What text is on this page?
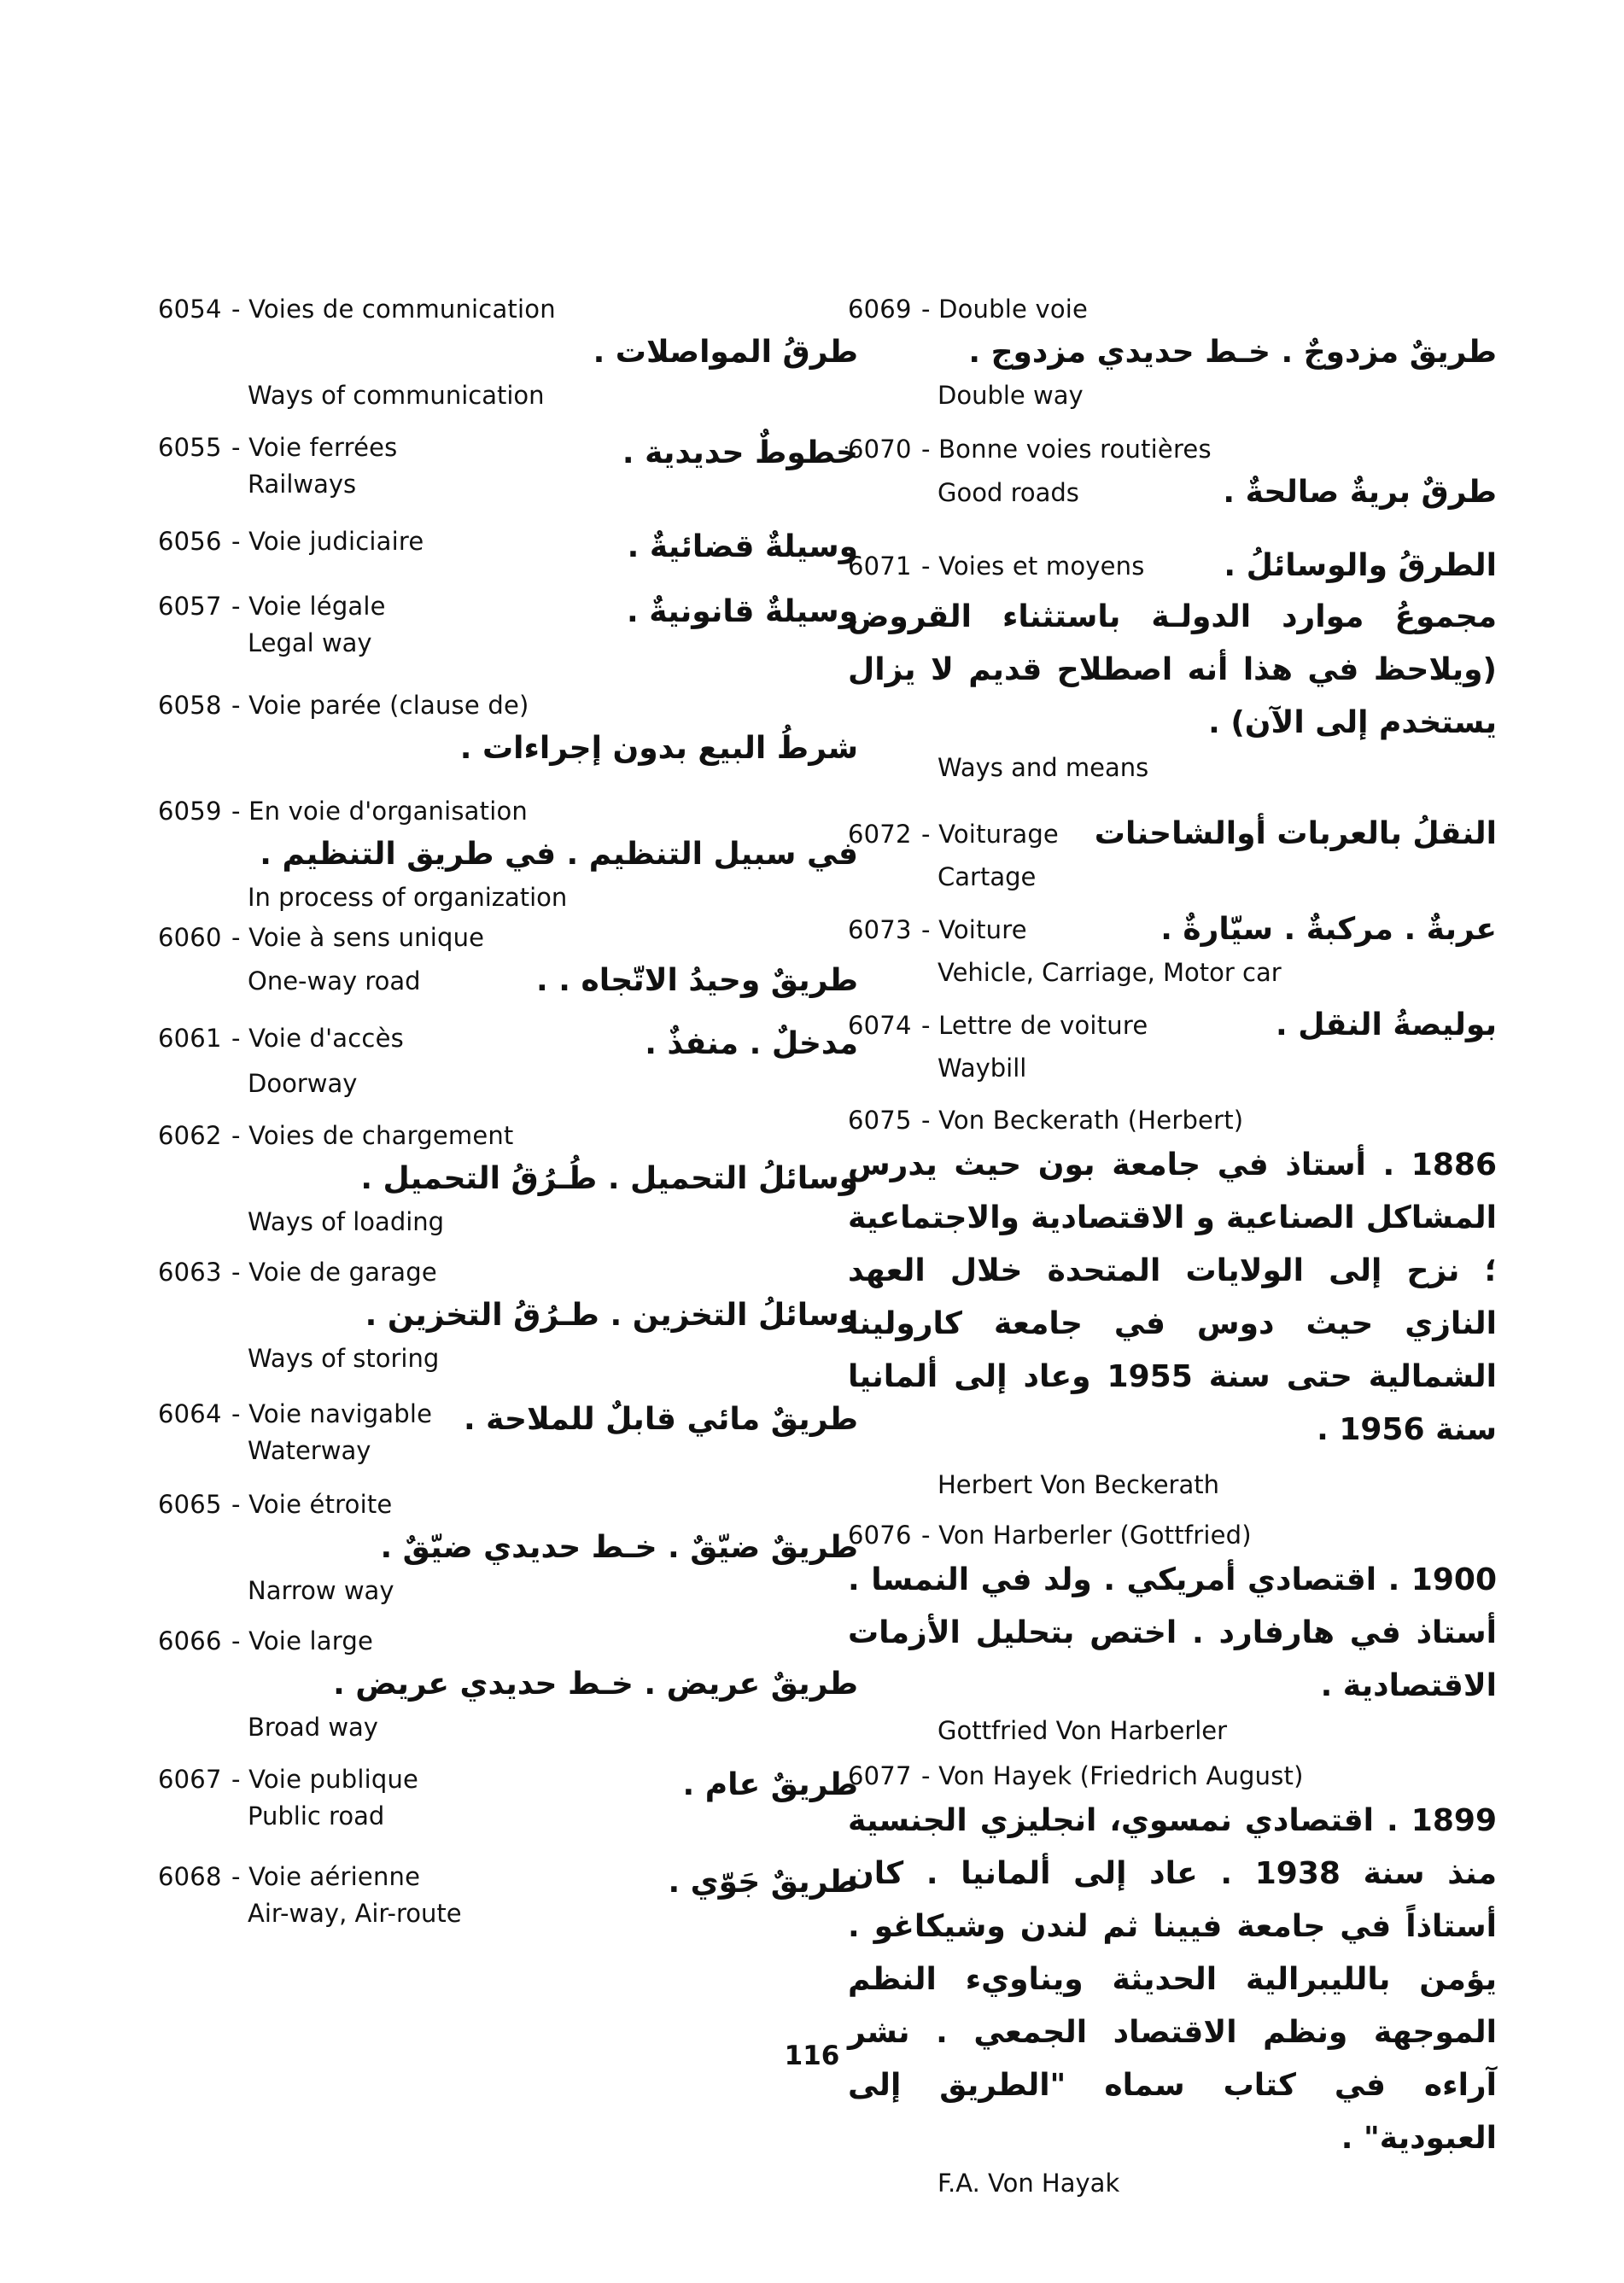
6054 - Voies de communication
طرقُ المواصلات .
Ways of communication
6055 - Voie ferrées	خطوطٌ حديدية .
Railways
6056 - Voie judiciaire	وسيلةٌ قضائيةٌ .
6057 - Voie légale	وسيلةٌ قانونيةٌ .
Legal way
6058 - Voie parée (clause de)
شرطُ البيع بدون إجراءات .
6059 - En voie d'organisation
في سبيل التنظيم . في طريق التنظيم .
In process of organization
6060 - Voie à sens unique
One-way road	طريقٌ وحيدُ الاتّجاه . .
6061 - Voie d'accès	مدخلٌ . منفذٌ .
Doorway
6062 - Voies de chargement
وسائلُ التحميل . طُـرُقُ التحميل .
Ways of loading
6063 - Voie de garage
وسائلُ التخزين . طـرُقُ التخزين .
Ways of storing
6064 - Voie navigable	طريقٌ مائي قابلٌ للملاحة .
Waterway
6065 - Voie étroite
طريقٌ ضيّقٌ . خـط حديدي ضيّقٌ .
Narrow way
6066 - Voie large
طريقٌ عريض . خـط حديدي عريض .
Broad way
6067 - Voie publique	طريقٌ عام .
Public road
6068 - Voie aérienne	طريقٌ جَوّي .
Air-way, Air-route
6069 - Double voie
طريقٌ مزدوجٌ . خـط حديدي مزدوج .
Double way
6070 - Bonne voies routières
Good roads	طرقٌ بريةٌ صالحةٌ .
6071 - Voies et moyens	الطرقُ والوسائلُ .
مجموعُ موارد الدولـة باستثناء القروض (ويلاحظ في هذا أنه اصطلاح قديم لا يزال يستخدم إلى الآن) .
Ways and means
6072 - Voiturage	النقلُ بالعربات أوالشاحنات
Cartage
6073 - Voiture	عربةٌ . مركبةٌ . سيّارةٌ .
Vehicle, Carriage, Motor car
6074 - Lettre de voiture	بوليصةُ النقل .
Waybill
6075 - Von Beckerath (Herbert)
1886 . أستاذ في جامعة بون حيث يدرس المشاكل الصناعية و الاقتصادية والاجتماعية ؛ نزح إلى الولايات المتحدة خلال العهد النازي حيث دوس في جامعة كارولينا الشمالية حتى سنة 1955 وعاد إلى ألمانيا سنة 1956 .
Herbert Von Beckerath
6076 - Von Harberler (Gottfried)
1900 . اقتصادي أمريكي . ولد في النمسا . أستاذ في هارفارد . اختص بتحليل الأزمات الاقتصادية .
Gottfried Von Harberler
6077 - Von Hayek (Friedrich August)
1899 . اقتصادي نمسوي، انجليزي الجنسية منذ سنة 1938 . عاد إلى ألمانيا . كان أستاذاً في جامعة فيينا ثم لندن وشيكاغو . يؤمن بالليبرالية الحديثة ويناويء النظم الموجهة ونظم الاقتصاد الجمعي . نشر آراءه في كتاب سماه "الطريق إلى العبودية" .
F.A. Von Hayak
116
